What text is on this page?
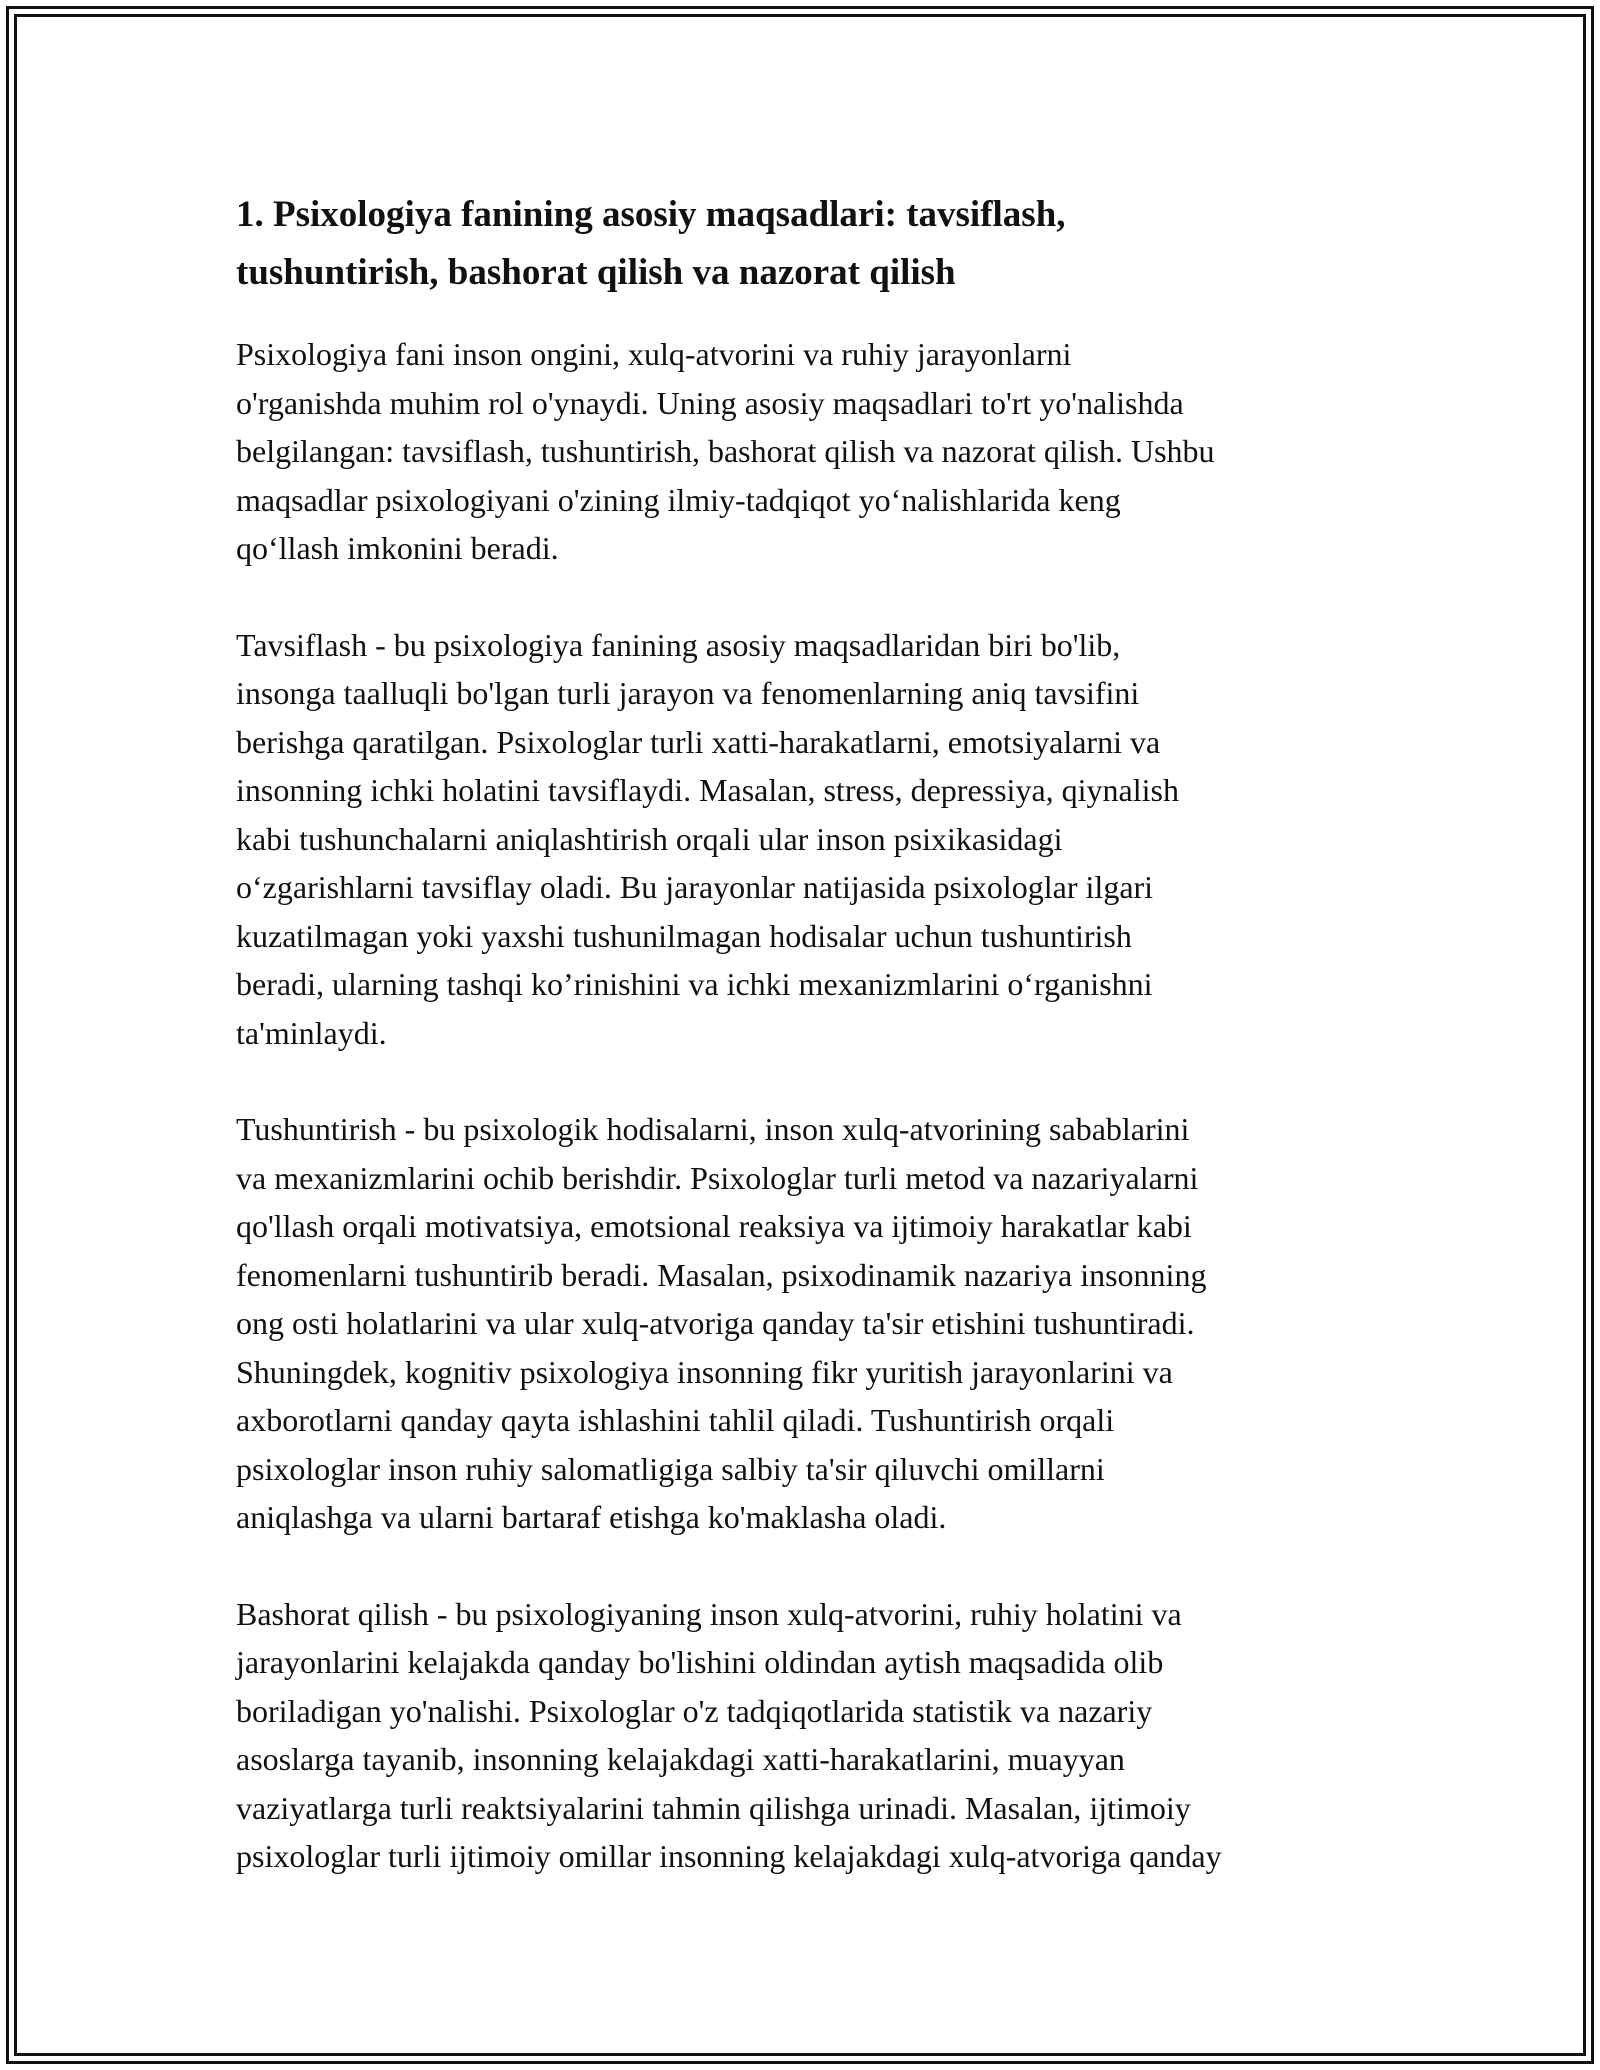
1. Psixologiya fanining asosiy maqsadlari: tavsiflash,
tushuntirish, bashorat qilish va nazorat qilish

Psixologiya fani inson ongini, xulq-atvorini va ruhiy jarayonlarni
o'rganishda muhim rol o'ynaydi. Uning asosiy maqsadlari to'rt yo'nalishda
belgilangan: tavsiflash, tushuntirish, bashorat qilish va nazorat qilish. Ushbu
maqsadlar psixologiyani o'zining ilmiy-tadqiqot yo‘nalishlarida keng
qo‘llash imkonini beradi.

Tavsiflash - bu psixologiya fanining asosiy maqsadlaridan biri bo'lib,
insonga taalluqli bo'lgan turli jarayon va fenomenlarning aniq tavsifini
berishga qaratilgan. Psixologlar turli xatti-harakatlarni, emotsiyalarni va
insonning ichki holatini tavsiflaydi. Masalan, stress, depressiya, qiynalish
kabi tushunchalarni aniqlashtirish orqali ular inson psixikasidagi
o‘zgarishlarni tavsiflay oladi. Bu jarayonlar natijasida psixologlar ilgari
kuzatilmagan yoki yaxshi tushunilmagan hodisalar uchun tushuntirish
beradi, ularning tashqi ko’rinishini va ichki mexanizmlarini o‘rganishni
ta'minlaydi.

Tushuntirish - bu psixologik hodisalarni, inson xulq-atvorining sabablarini
va mexanizmlarini ochib berishdir. Psixologlar turli metod va nazariyalarni
qo'llash orqali motivatsiya, emotsional reaksiya va ijtimoiy harakatlar kabi
fenomenlarni tushuntirib beradi. Masalan, psixodinamik nazariya insonning
ong osti holatlarini va ular xulq-atvoriga qanday ta'sir etishini tushuntiradi.
Shuningdek, kognitiv psixologiya insonning fikr yuritish jarayonlarini va
axborotlarni qanday qayta ishlashini tahlil qiladi. Tushuntirish orqali
psixologlar inson ruhiy salomatligiga salbiy ta'sir qiluvchi omillarni
aniqlashga va ularni bartaraf etishga ko'maklasha oladi.

Bashorat qilish - bu psixologiyaning inson xulq-atvorini, ruhiy holatini va
jarayonlarini kelajakda qanday bo'lishini oldindan aytish maqsadida olib
boriladigan yo'nalishi. Psixologlar o'z tadqiqotlarida statistik va nazariy
asoslarga tayanib, insonning kelajakdagi xatti-harakatlarini, muayyan
vaziyatlarga turli reaktsiyalarini tahmin qilishga urinadi. Masalan, ijtimoiy
psixologlar turli ijtimoiy omillar insonning kelajakdagi xulq-atvoriga qanday
